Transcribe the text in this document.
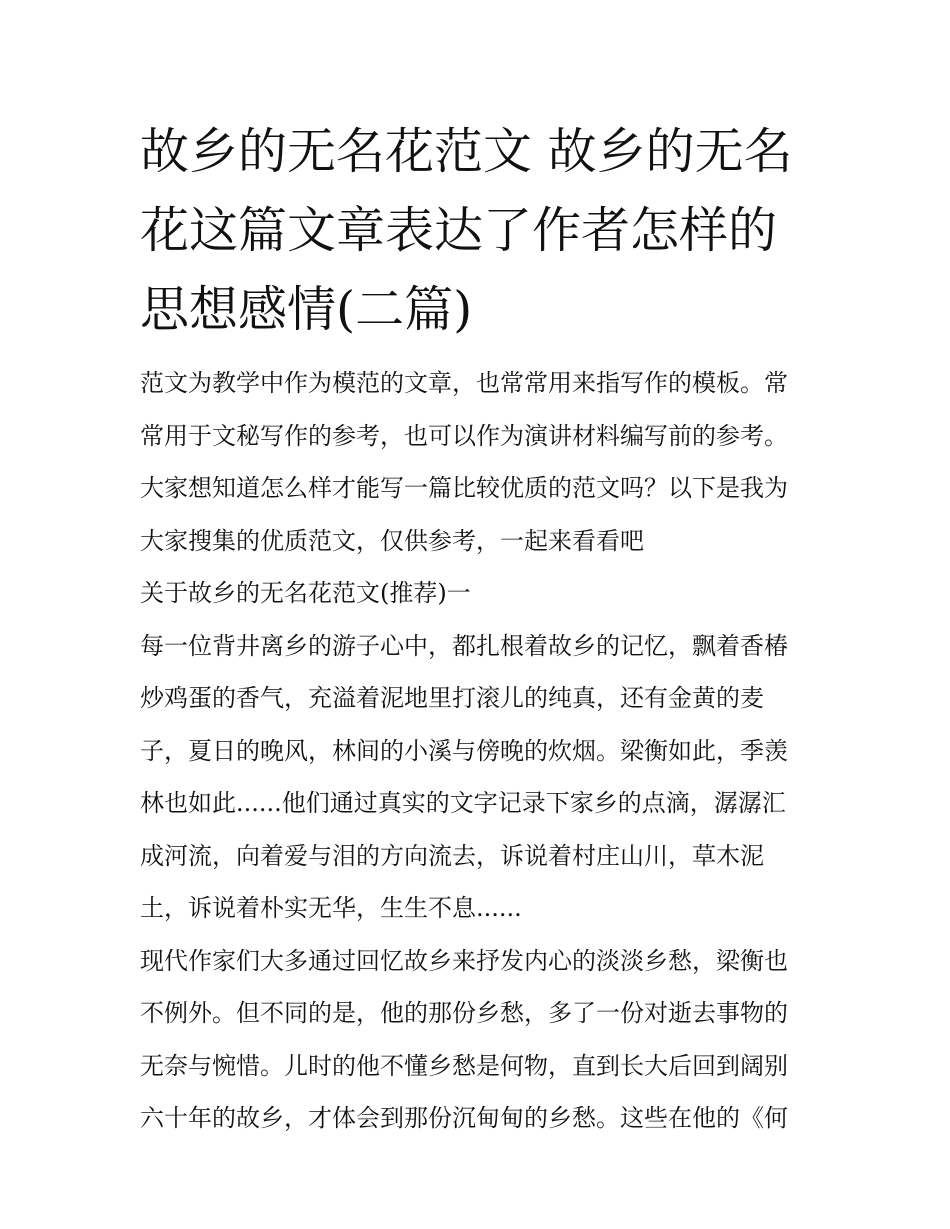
故乡的无名花范文 故乡的无名
花这篇文章表达了作者怎样的
思想感情(二篇)
范文为教学中作为模范的文章，也常常用来指写作的模板。常
常用于文秘写作的参考，也可以作为演讲材料编写前的参考。
大家想知道怎么样才能写一篇比较优质的范文吗？以下是我为
大家搜集的优质范文，仅供参考，一起来看看吧
关于故乡的无名花范文(推荐)一
每一位背井离乡的游子心中，都扎根着故乡的记忆，飘着香椿
炒鸡蛋的香气，充溢着泥地里打滚儿的纯真，还有金黄的麦
子，夏日的晚风，林间的小溪与傍晚的炊烟。梁衡如此，季羡
林也如此......他们通过真实的文字记录下家乡的点滴，潺潺汇
成河流，向着爱与泪的方向流去，诉说着村庄山川，草木泥
土，诉说着朴实无华，生生不息......
现代作家们大多通过回忆故乡来抒发内心的淡淡乡愁，梁衡也
不例外。但不同的是，他的那份乡愁，多了一份对逝去事物的
无奈与惋惜。儿时的他不懂乡愁是何物，直到长大后回到阔别
六十年的故乡，才体会到那份沉甸甸的乡愁。这些在他的《何
